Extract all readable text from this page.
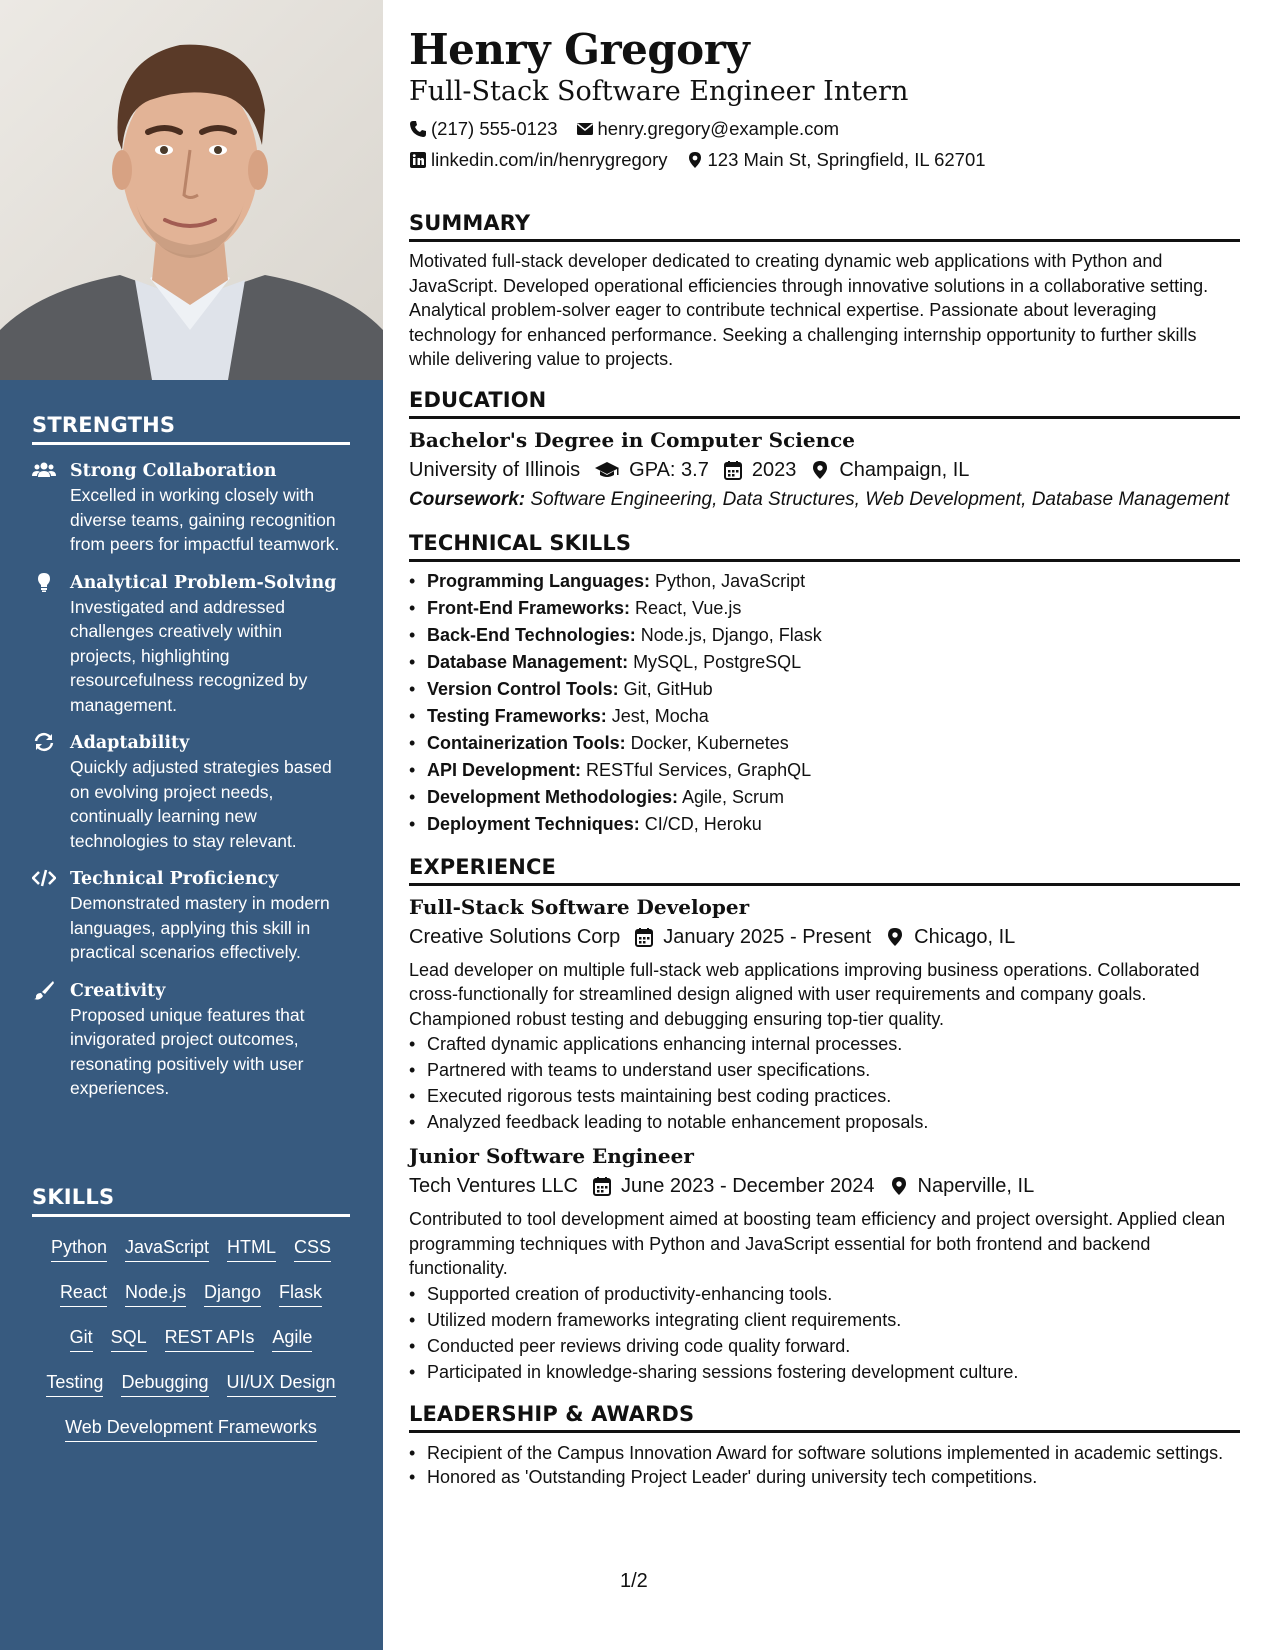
STRENGTHS
Strong Collaboration
Excelled in working closely with diverse teams, gaining recognition from peers for impactful teamwork.
Analytical Problem-Solving
Investigated and addressed challenges creatively within projects, highlighting resourcefulness recognized by management.
Adaptability
Quickly adjusted strategies based on evolving project needs, continually learning new technologies to stay relevant.
Technical Proficiency
Demonstrated mastery in modern languages, applying this skill in practical scenarios effectively.
Creativity
Proposed unique features that invigorated project outcomes, resonating positively with user experiences.
SKILLS
Python JavaScript HTML CSS
React Node.js Django Flask
Git SQL REST APIs Agile
Testing Debugging UI/UX Design
Web Development Frameworks
Henry Gregory
Full-Stack Software Engineer Intern
(217) 555-0123 henry.gregory@example.com
linkedin.com/in/henrygregory 123 Main St, Springfield, IL 62701
SUMMARY
Motivated full-stack developer dedicated to creating dynamic web applications with Python and JavaScript. Developed operational efficiencies through innovative solutions in a collaborative setting. Analytical problem-solver eager to contribute technical expertise. Passionate about leveraging technology for enhanced performance. Seeking a challenging internship opportunity to further skills while delivering value to projects.
EDUCATION
Bachelor's Degree in Computer Science
University of Illinois GPA: 3.7 2023 Champaign, IL
Coursework: Software Engineering, Data Structures, Web Development, Database Management
TECHNICAL SKILLS
• Programming Languages: Python, JavaScript
• Front-End Frameworks: React, Vue.js
• Back-End Technologies: Node.js, Django, Flask
• Database Management: MySQL, PostgreSQL
• Version Control Tools: Git, GitHub
• Testing Frameworks: Jest, Mocha
• Containerization Tools: Docker, Kubernetes
• API Development: RESTful Services, GraphQL
• Development Methodologies: Agile, Scrum
• Deployment Techniques: CI/CD, Heroku
EXPERIENCE
Full-Stack Software Developer
Creative Solutions Corp January 2025 - Present Chicago, IL
Lead developer on multiple full-stack web applications improving business operations. Collaborated cross-functionally for streamlined design aligned with user requirements and company goals. Championed robust testing and debugging ensuring top-tier quality.
• Crafted dynamic applications enhancing internal processes.
• Partnered with teams to understand user specifications.
• Executed rigorous tests maintaining best coding practices.
• Analyzed feedback leading to notable enhancement proposals.
Junior Software Engineer
Tech Ventures LLC June 2023 - December 2024 Naperville, IL
Contributed to tool development aimed at boosting team efficiency and project oversight. Applied clean programming techniques with Python and JavaScript essential for both frontend and backend functionality.
• Supported creation of productivity-enhancing tools.
• Utilized modern frameworks integrating client requirements.
• Conducted peer reviews driving code quality forward.
• Participated in knowledge-sharing sessions fostering development culture.
LEADERSHIP & AWARDS
• Recipient of the Campus Innovation Award for software solutions implemented in academic settings.
• Honored as 'Outstanding Project Leader' during university tech competitions.
1/2
